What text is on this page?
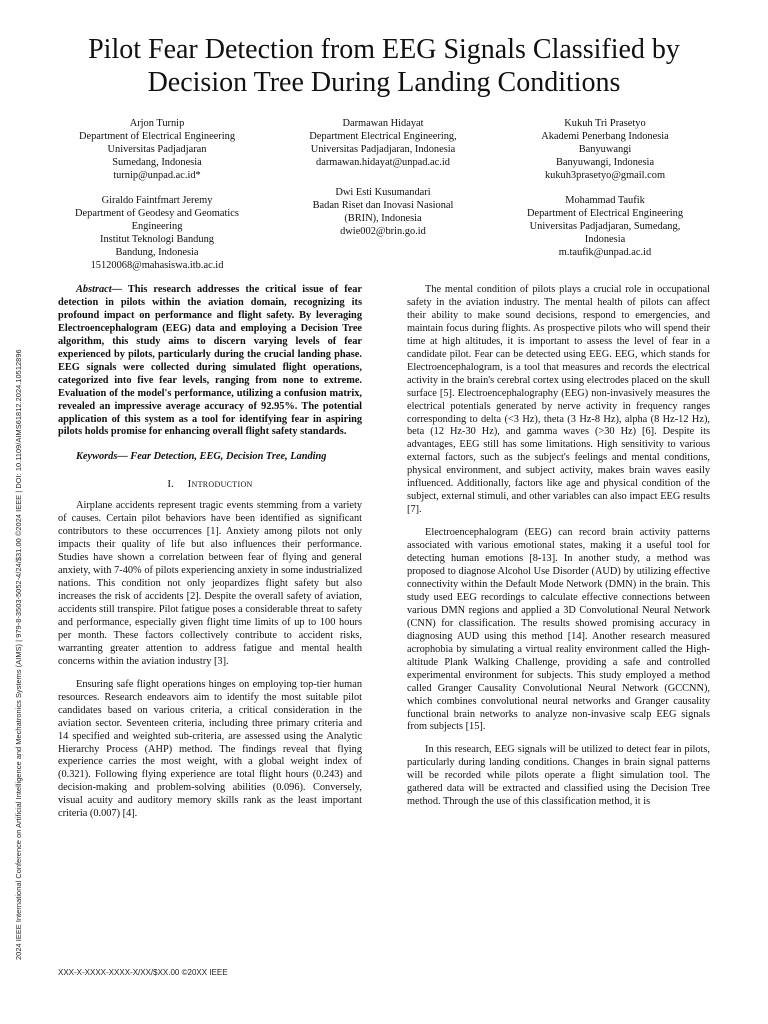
2024 IEEE International Conference on Artificial Intelligence and Mechatronics Systems (AIMS) | 979-8-3503-5052-4/24/$31.00 ©2024 IEEE | DOI: 10.1109/AIMS61812.2024.10512896
Pilot Fear Detection from EEG Signals Classified by Decision Tree During Landing Conditions
Arjon Turnip
Department of Electrical Engineering
Universitas Padjadjaran
Sumedang, Indonesia
turnip@unpad.ac.id*
Darmawan Hidayat
Department Electrical Engineering,
Universitas Padjadjaran, Indonesia
darmawan.hidayat@unpad.ac.id
Kukuh Tri Prasetyo
Akademi Penerbang Indonesia
Banyuwangi
Banyuwangi, Indonesia
kukuh3prasetyo@gmail.com
Giraldo Faintfmart Jeremy
Department of Geodesy and Geomatics
Engineering
Institut Teknologi Bandung
Bandung, Indonesia
15120068@mahasiswa.itb.ac.id
Dwi Esti Kusumandari
Badan Riset dan Inovasi Nasional
(BRIN), Indonesia
dwie002@brin.go.id
Mohammad Taufik
Department of Electrical Engineering
Universitas Padjadjaran, Sumedang,
Indonesia
m.taufik@unpad.ac.id

Abstract— This research addresses the critical issue of fear detection in pilots within the aviation domain, recognizing its profound impact on performance and flight safety. By leveraging Electroencephalogram (EEG) data and employing a Decision Tree algorithm, this study aims to discern varying levels of fear experienced by pilots, particularly during the crucial landing phase. EEG signals were collected during simulated flight operations, categorized into five fear levels, ranging from none to extreme. Evaluation of the model's performance, utilizing a confusion matrix, revealed an impressive average accuracy of 92.95%. The potential application of this system as a tool for identifying fear in aspiring pilots holds promise for enhancing overall flight safety standards.

Keywords— Fear Detection, EEG, Decision Tree, Landing
I. Introduction

Airplane accidents represent tragic events stemming from a variety of causes. Certain pilot behaviors have been identified as significant contributors to these occurrences [1]. Anxiety among pilots not only impacts their quality of life but also influences their performance. Studies have shown a correlation between fear of flying and general anxiety, with 7-40% of pilots experiencing anxiety in some industrialized nations. This condition not only jeopardizes flight safety but also increases the risk of accidents [2]. Despite the overall safety of aviation, accidents still transpire. Pilot fatigue poses a considerable threat to safety and performance, especially given flight time limits of up to 100 hours per month. These factors collectively contribute to accident risks, warranting greater attention to address fatigue and mental health concerns within the aviation industry [3].

Ensuring safe flight operations hinges on employing top-tier human resources. Research endeavors aim to identify the most suitable pilot candidates based on various criteria, a critical consideration in the aviation sector. Seventeen criteria, including three primary criteria and 14 specified and weighted sub-criteria, are assessed using the Analytic Hierarchy Process (AHP) method. The findings reveal that flying experience carries the most weight, with a global weight index of (0.321). Following flying experience are total flight hours (0.243) and decision-making and problem-solving abilities (0.096). Conversely, visual acuity and auditory memory skills rank as the least important criteria (0.007) [4].

The mental condition of pilots plays a crucial role in occupational safety in the aviation industry. The mental health of pilots can affect their ability to make sound decisions, respond to emergencies, and maintain focus during flights. As prospective pilots who will spend their time at high altitudes, it is important to assess the level of fear in a candidate pilot. Fear can be detected using EEG. EEG, which stands for Electroencephalogram, is a tool that measures and records the electrical activity in the brain's cerebral cortex using electrodes placed on the skull surface [5]. Electroencephalography (EEG) non-invasively measures the electrical potentials generated by nerve activity in frequency ranges corresponding to delta (<3 Hz), theta (3 Hz-8 Hz), alpha (8 Hz-12 Hz), beta (12 Hz-30 Hz), and gamma waves (>30 Hz) [6]. Despite its advantages, EEG still has some limitations. High sensitivity to various external factors, such as the subject's feelings and mental conditions, physical environment, and subject activity, makes brain waves easily influenced. Additionally, factors like age and physical condition of the subject, external stimuli, and other variables can also impact EEG results [7].

Electroencephalogram (EEG) can record brain activity patterns associated with various emotional states, making it a useful tool for detecting human emotions [8-13]. In another study, a method was proposed to diagnose Alcohol Use Disorder (AUD) by utilizing effective connectivity within the Default Mode Network (DMN) in the brain. This study used EEG recordings to calculate effective connections between various DMN regions and applied a 3D Convolutional Neural Network (CNN) for classification. The results showed promising accuracy in diagnosing AUD using this method [14]. Another research measured acrophobia by simulating a virtual reality environment called the High-altitude Plank Walking Challenge, providing a safe and controlled experimental environment for subjects. This study employed a method called Granger Causality Convolutional Neural Network (GCCNN), which combines convolutional neural networks and Granger causality functional brain networks to analyze non-invasive scalp EEG signals from subjects [15].

In this research, EEG signals will be utilized to detect fear in pilots, particularly during landing conditions. Changes in brain signal patterns will be recorded while pilots operate a flight simulation tool. The gathered data will be extracted and classified using the Decision Tree method. Through the use of this classification method, it is

XXX-X-XXXX-XXXX-X/XX/$XX.00 ©20XX IEEE
